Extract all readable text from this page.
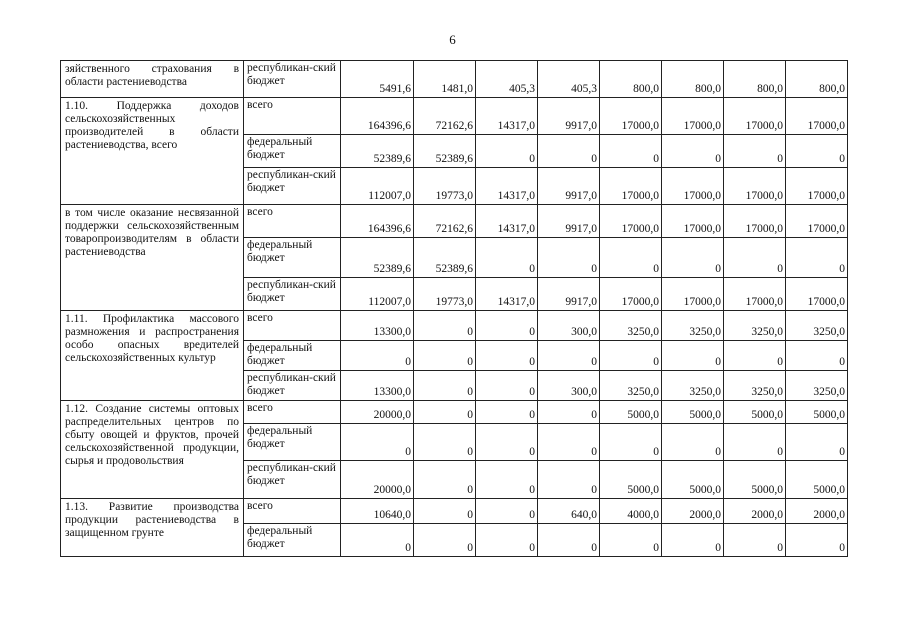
6
зяйственного страхования в области растениеводства	республикан-ский бюджет	5491,6	1481,0	405,3	405,3	800,0	800,0	800,0	800,0
1.10. Поддержка доходов сельскохозяйственных производителей в области растениеводства, всего	всего	164396,6	72162,6	14317,0	9917,0	17000,0	17000,0	17000,0	17000,0
	федеральный бюджет	52389,6	52389,6	0	0	0	0	0	0
	республикан-ский бюджет	112007,0	19773,0	14317,0	9917,0	17000,0	17000,0	17000,0	17000,0
в том числе оказание несвязанной поддержки сельскохозяйственным товаропроизводителям в области растениеводства	всего	164396,6	72162,6	14317,0	9917,0	17000,0	17000,0	17000,0	17000,0
	федеральный бюджет	52389,6	52389,6	0	0	0	0	0	0
	республикан-ский бюджет	112007,0	19773,0	14317,0	9917,0	17000,0	17000,0	17000,0	17000,0
1.11. Профилактика массового размножения и распространения особо опасных вредителей сельскохозяйственных культур	всего	13300,0	0	0	300,0	3250,0	3250,0	3250,0	3250,0
	федеральный бюджет	0	0	0	0	0	0	0	0
	республикан-ский бюджет	13300,0	0	0	300,0	3250,0	3250,0	3250,0	3250,0
1.12. Создание системы оптовых распределительных центров по сбыту овощей и фруктов, прочей сельскохозяйственной продукции, сырья и продовольствия	всего	20000,0	0	0	0	5000,0	5000,0	5000,0	5000,0
	федеральный бюджет	0	0	0	0	0	0	0	0
	республикан-ский бюджет	20000,0	0	0	0	5000,0	5000,0	5000,0	5000,0
1.13. Развитие производства продукции растениеводства в защищенном грунте	всего	10640,0	0	0	640,0	4000,0	2000,0	2000,0	2000,0
	федеральный бюджет	0	0	0	0	0	0	0	0
